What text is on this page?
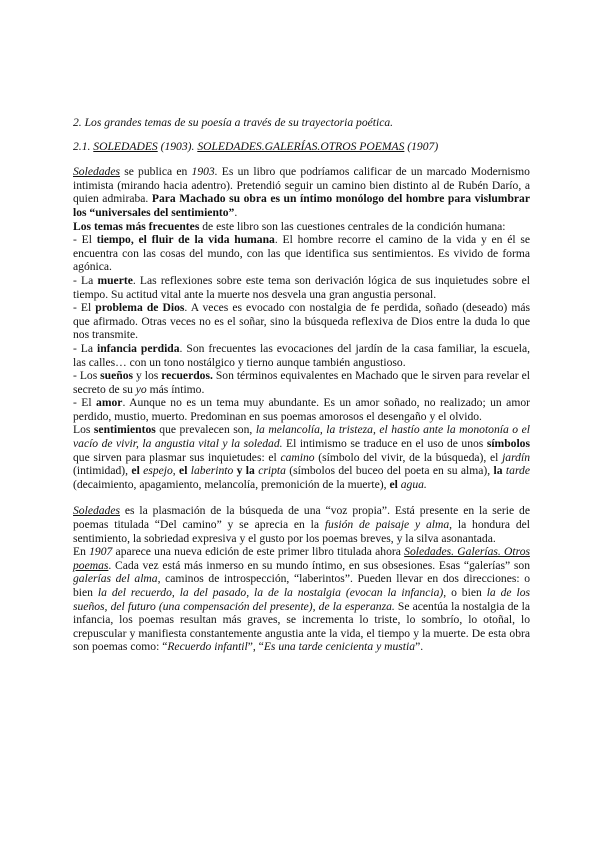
2. Los grandes temas de su poesía a través de su trayectoria poética.

2.1. SOLEDADES (1903). SOLEDADES.GALERÍAS.OTROS POEMAS (1907)

Soledades se publica en 1903. Es un libro que podríamos calificar de un marcado Modernismo intimista (mirando hacia adentro). Pretendió seguir un camino bien distinto al de Rubén Darío, a quien admiraba. Para Machado su obra es un íntimo monólogo del hombre para vislumbrar los “universales del sentimiento”.

Los temas más frecuentes de este libro son las cuestiones centrales de la condición humana:

- El tiempo, el fluir de la vida humana. El hombre recorre el camino de la vida y en él se encuentra con las cosas del mundo, con las que identifica sus sentimientos. Es vivido de forma agónica.

- La muerte. Las reflexiones sobre este tema son derivación lógica de sus inquietudes sobre el tiempo. Su actitud vital ante la muerte nos desvela una gran angustia personal.

- El problema de Dios. A veces es evocado con nostalgia de fe perdida, soñado (deseado) más que afirmado. Otras veces no es el soñar, sino la búsqueda reflexiva de Dios entre la duda lo que nos transmite.

- La infancia perdida. Son frecuentes las evocaciones del jardín de la casa familiar, la escuela, las calles… con un tono nostálgico y tierno aunque también angustioso.

- Los sueños y los recuerdos. Son términos equivalentes en Machado que le sirven para revelar el secreto de su yo más íntimo.

- El amor. Aunque no es un tema muy abundante. Es un amor soñado, no realizado; un amor perdido, mustio, muerto. Predominan en sus poemas amorosos el desengaño y el olvido.

Los sentimientos que prevalecen son, la melancolía, la tristeza, el hastío ante la monotonía o el vacío de vivir, la angustia vital y la soledad. El intimismo se traduce en el uso de unos símbolos que sirven para plasmar sus inquietudes: el camino (símbolo del vivir, de la búsqueda), el jardín (intimidad), el espejo, el laberinto y la cripta (símbolos del buceo del poeta en su alma), la tarde (decaimiento, apagamiento, melancolía, premonición de la muerte), el agua.

Soledades es la plasmación de la búsqueda de una “voz propia”. Está presente en la serie de poemas titulada “Del camino” y se aprecia en la fusión de paisaje y alma, la hondura del sentimiento, la sobriedad expresiva y el gusto por los poemas breves, y la silva asonantada.

En 1907 aparece una nueva edición de este primer libro titulada ahora Soledades. Galerías. Otros poemas. Cada vez está más inmerso en su mundo íntimo, en sus obsesiones. Esas “galerías” son galerías del alma, caminos de introspección, “laberintos”. Pueden llevar en dos direcciones: o bien la del recuerdo, la del pasado, la de la nostalgia (evocan la infancia), o bien la de los sueños, del futuro (una compensación del presente), de la esperanza. Se acentúa la nostalgia de la infancia, los poemas resultan más graves, se incrementa lo triste, lo sombrío, lo otoñal, lo crepuscular y manifiesta constantemente angustia ante la vida, el tiempo y la muerte. De esta obra son poemas como: “Recuerdo infantil”, “Es una tarde cenicienta y mustia”.
